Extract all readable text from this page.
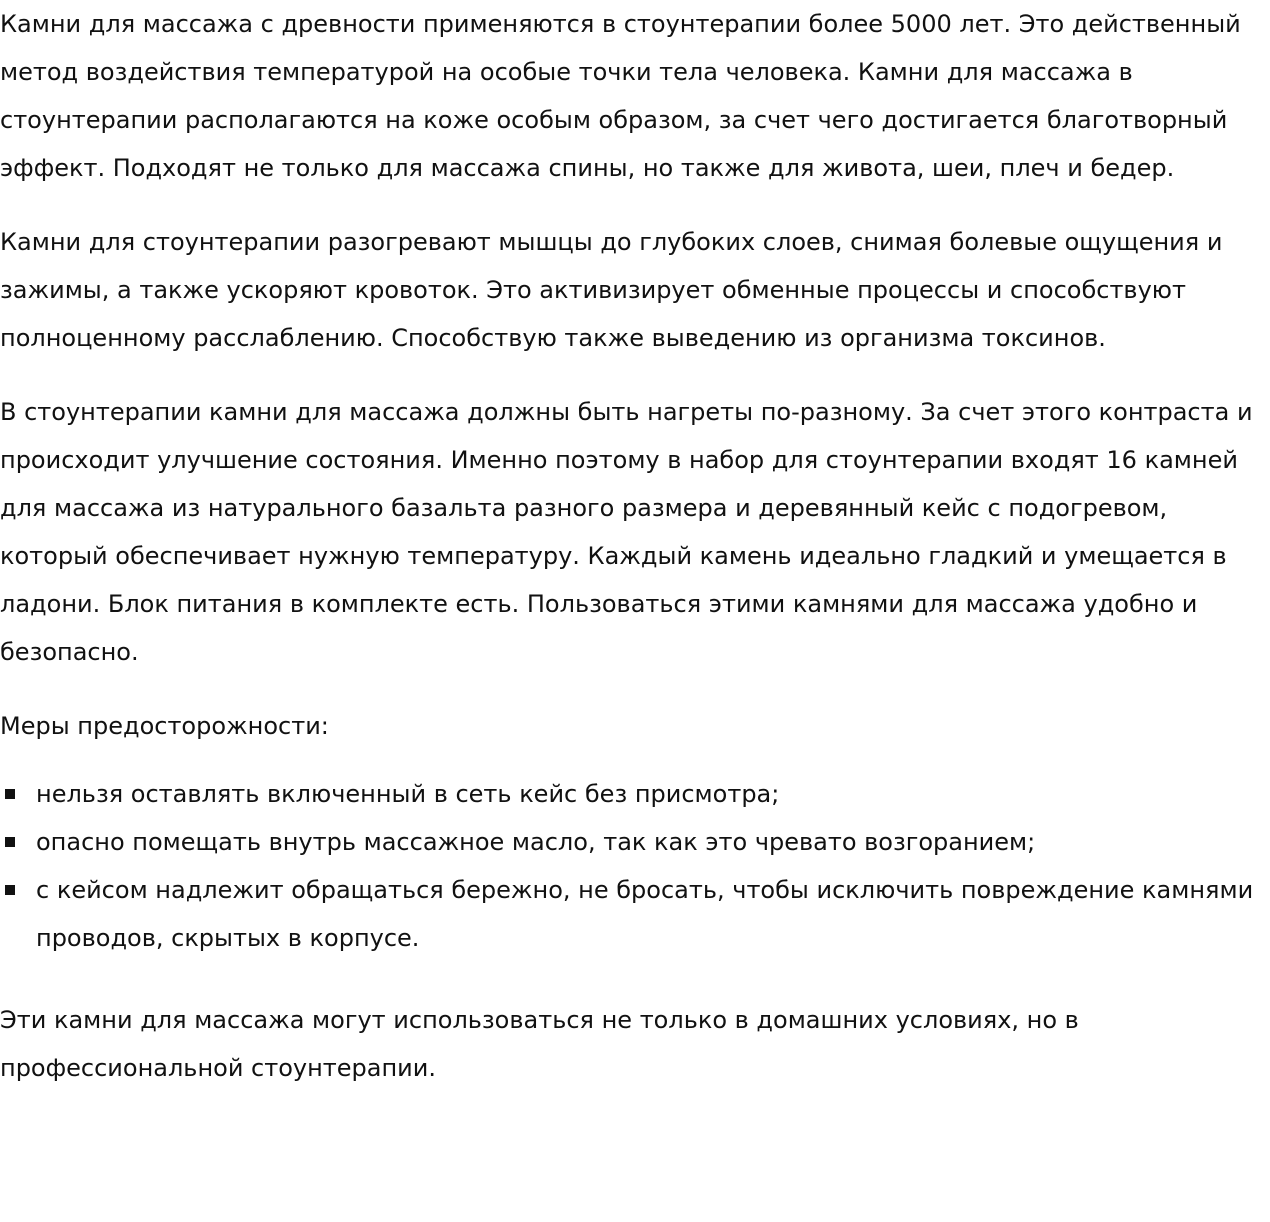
Камни для массажа с древности применяются в стоунтерапии более 5000 лет. Это действенный метод воздействия температурой на особые точки тела человека. Камни для массажа в стоунтерапии располагаются на коже особым образом, за счет чего достигается благотворный эффект. Подходят не только для массажа спины, но также для живота, шеи, плеч и бедер.

Камни для стоунтерапии разогревают мышцы до глубоких слоев, снимая болевые ощущения и зажимы, а также ускоряют кровоток. Это активизирует обменные процессы и способствуют полноценному расслаблению. Способствую также выведению из организма токсинов.

В стоунтерапии камни для массажа должны быть нагреты по-разному. За счет этого контраста и происходит улучшение состояния. Именно поэтому в набор для стоунтерапии входят 16 камней для массажа из натурального базальта разного размера и деревянный кейс с подогревом, который обеспечивает нужную температуру. Каждый камень идеально гладкий и умещается в ладони. Блок питания в комплекте есть. Пользоваться этими камнями для массажа удобно и безопасно.

Меры предосторожности:

нельзя оставлять включенный в сеть кейс без присмотра;
опасно помещать внутрь массажное масло, так как это чревато возгоранием;
с кейсом надлежит обращаться бережно, не бросать, чтобы исключить повреждение камнями проводов, скрытых в корпусе.

Эти камни для массажа могут использоваться не только в домашних условиях, но в профессиональной стоунтерапии.
